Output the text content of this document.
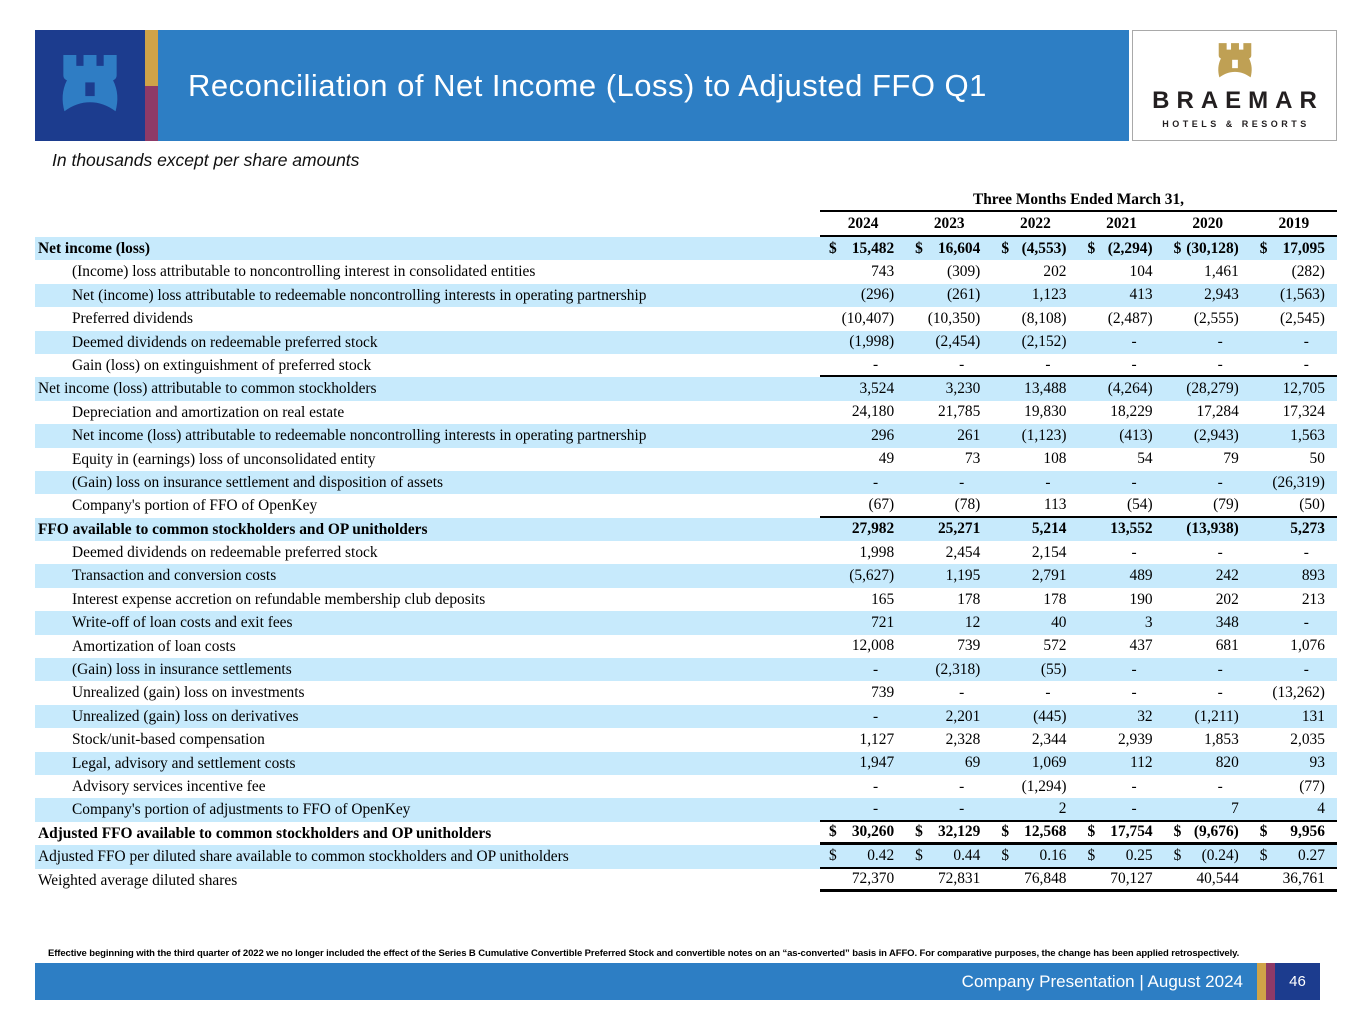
Reconciliation of Net Income (Loss) to Adjusted FFO Q1	BRAEMAR
HOTELS & RESORTS
In thousands except per share amounts
Three Months Ended March 31,
2024	2023	2022	2021	2020	2019
Net income (loss)	$ 15,482	$ 16,604	$ (4,553)	$ (2,294)	$ (30,128)	$ 17,095
(Income) loss attributable to noncontrolling interest in consolidated entities	743	(309)	202	104	1,461	(282)
Net (income) loss attributable to redeemable noncontrolling interests in operating partnership	(296)	(261)	1,123	413	2,943	(1,563)
Preferred dividends	(10,407)	(10,350)	(8,108)	(2,487)	(2,555)	(2,545)
Deemed dividends on redeemable preferred stock	(1,998)	(2,454)	(2,152)	-	-	-
Gain (loss) on extinguishment of preferred stock	-	-	-	-	-	-
Net income (loss) attributable to common stockholders	3,524	3,230	13,488	(4,264)	(28,279)	12,705
Depreciation and amortization on real estate	24,180	21,785	19,830	18,229	17,284	17,324
Net income (loss) attributable to redeemable noncontrolling interests in operating partnership	296	261	(1,123)	(413)	(2,943)	1,563
Equity in (earnings) loss of unconsolidated entity	49	73	108	54	79	50
(Gain) loss on insurance settlement and disposition of assets	-	-	-	-	-	(26,319)
Company's portion of FFO of OpenKey	(67)	(78)	113	(54)	(79)	(50)
FFO available to common stockholders and OP unitholders	27,982	25,271	5,214	13,552	(13,938)	5,273
Deemed dividends on redeemable preferred stock	1,998	2,454	2,154	-	-	-
Transaction and conversion costs	(5,627)	1,195	2,791	489	242	893
Interest expense accretion on refundable membership club deposits	165	178	178	190	202	213
Write-off of loan costs and exit fees	721	12	40	3	348	-
Amortization of loan costs	12,008	739	572	437	681	1,076
(Gain) loss in insurance settlements	-	(2,318)	(55)	-	-	-
Unrealized (gain) loss on investments	739	-	-	-	-	(13,262)
Unrealized (gain) loss on derivatives	-	2,201	(445)	32	(1,211)	131
Stock/unit-based compensation	1,127	2,328	2,344	2,939	1,853	2,035
Legal, advisory and settlement costs	1,947	69	1,069	112	820	93
Advisory services incentive fee	-	-	(1,294)	-	-	(77)
Company's portion of adjustments to FFO of OpenKey	-	-	2	-	7	4
Adjusted FFO available to common stockholders and OP unitholders	$ 30,260	$ 32,129	$ 12,568	$ 17,754	$ (9,676)	$ 9,956
Adjusted FFO per diluted share available to common stockholders and OP unitholders	$ 0.42	$ 0.44	$ 0.16	$ 0.25	$ (0.24)	$ 0.27
Weighted average diluted shares	72,370	72,831	76,848	70,127	40,544	36,761
Effective beginning with the third quarter of 2022 we no longer included the effect of the Series B Cumulative Convertible Preferred Stock and convertible notes on an “as-converted” basis in AFFO. For comparative purposes, the change has been applied retrospectively.
Company Presentation | August 2024	46
